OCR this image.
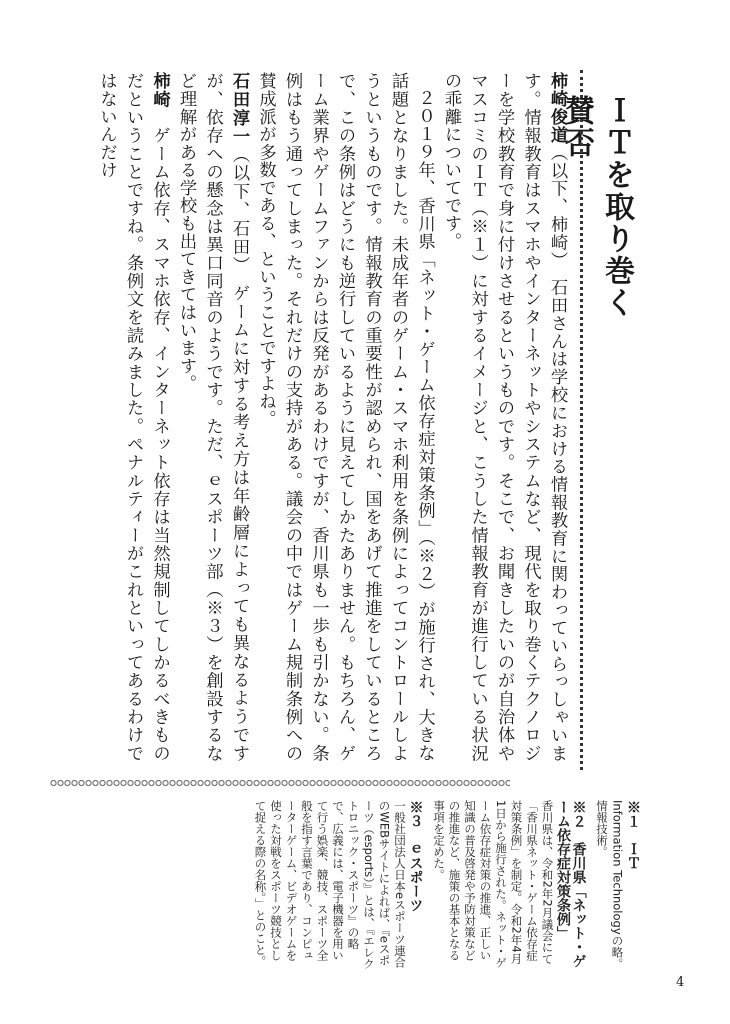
ＩＴを取り巻く賛否

柿崎俊道（以下、柿崎）　石田さんは学校における情報教育に関わっていらっしゃいます。情報教育はスマホやインターネットやシステムなど、現代を取り巻くテクノロジーを学校教育で身に付けさせるというものです。そこで、お聞きしたいのが自治体やマスコミのＩＴ（※１）に対するイメージと、こうした情報教育が進行している状況の乖離についてです。

２０１９年、香川県「ネット・ゲーム依存症対策条例」（※２）が施行され、大きな話題となりました。未成年者のゲーム・スマホ利用を条例によってコントロールしようというものです。情報教育の重要性が認められ、国をあげて推進をしているところで、この条例はどうにも逆行しているように見えてしかたありません。もちろん、ゲーム業界やゲームファンからは反発があるわけですが、香川県も一歩も引かない。条例はもう通ってしまった。それだけの支持がある。議会の中ではゲーム規制条例への賛成派が多数である、ということですよね。

石田淳一（以下、石田）　ゲームに対する考え方は年齢層によっても異なるようですが、依存への懸念は異口同音のようです。ただ、ｅスポーツ部（※３）を創設するなど理解がある学校も出てきてはいます。

柿崎　ゲーム依存、スマホ依存、インターネット依存は当然規制してしかるべきものだということですね。条例文を読みました。ペナルティーがこれといってあるわけではないんだけ

※１　ＩＴ
Information Technologyの略。情報技術。
※２　香川県「ネット・ゲーム依存症対策条例」
香川県は、令和2年2月議会にて「香川県ネット・ゲーム依存症対策条例」を制定。令和2年4月1日から施行された。ネット・ゲーム依存症対策の推進、正しい知識の普及啓発や予防対策などの推進など、施策の基本となる事項を定めた。
※３　ｅスポーツ
一般社団法人日本eスポーツ連合のWEBサイトによれば、『eスポーツ（esports）』とは、『エレクトロニック・スポーツ』の略で、広義には、電子機器を用いて行う娯楽、競技、スポーツ全般を指す言葉であり、コンピューターゲーム、ビデオゲームを使った対戦をスポーツ競技として捉える際の名称。」とのこと。
4
